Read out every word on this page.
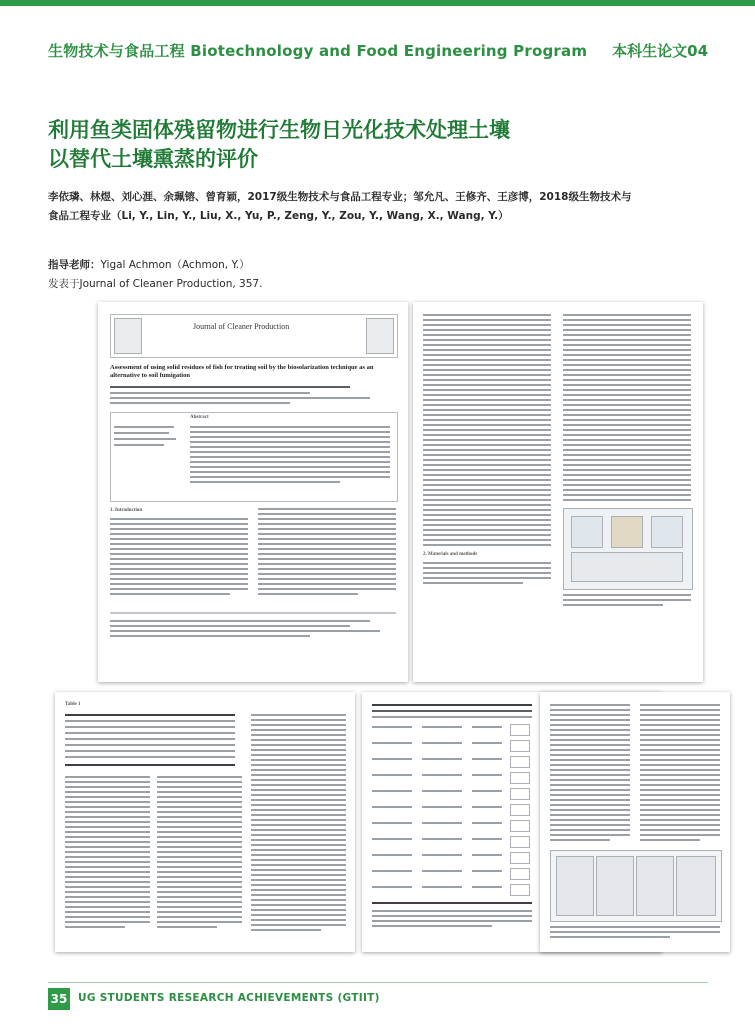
生物技术与食品工程 Biotechnology and Food Engineering Program 本科生论文04
利用鱼类固体残留物进行生物日光化技术处理土壤
以替代土壤熏蒸的评价
李依璘、林煜、刘心涯、余珮镕、曾育颖，2017级生物技术与食品工程专业；邹允凡、王修齐、王彦博，2018级生物技术与
食品工程专业（Li, Y., Lin, Y., Liu, X., Yu, P., Zeng, Y., Zou, Y., Wang, X., Wang, Y.）
指导老师：Yigal Achmon（Achmon, Y.）
发表于Journal of Cleaner Production, 357.
Journal of Cleaner Production
Assessment of using solid residues of fish for treating soil by the biosolarization technique as an alternative to soil fumigation
Abstract
1. Introduction
2. Materials and methods
Table 1
35 UG STUDENTS RESEARCH ACHIEVEMENTS (GTIIT)
